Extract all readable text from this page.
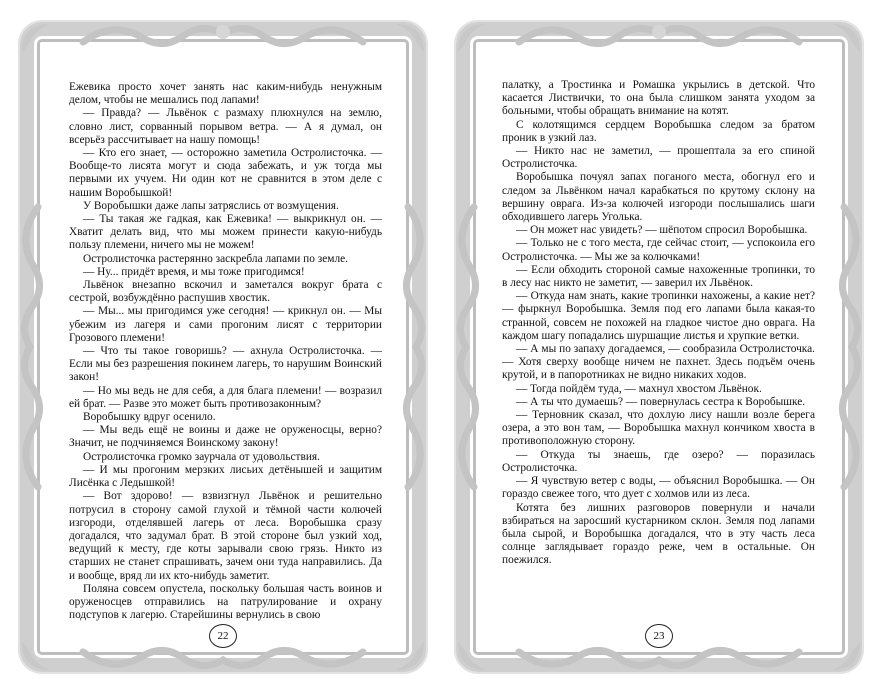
Ежевика просто хочет занять нас каким-нибудь ненужным делом, чтобы не мешались под лапами!

— Правда? — Львёнок с размаху плюхнулся на землю, словно лист, сорванный порывом ветра. — А я думал, он всерьёз рассчитывает на нашу помощь!

— Кто его знает, — осторожно заметила Остролисточка. — Вообще-то лисята могут и сюда забежать, и уж тогда мы первыми их учуем. Ни один кот не сравнится в этом деле с нашим Воробышкой!

У Воробышки даже лапы затряслись от возмущения.

— Ты такая же гадкая, как Ежевика! — выкрикнул он. — Хватит делать вид, что мы можем принести какую-нибудь пользу племени, ничего мы не можем!

Остролисточка растерянно заскребла лапами по земле.

— Ну... придёт время, и мы тоже пригодимся!

Львёнок внезапно вскочил и заметался вокруг брата с сестрой, возбуждённо распушив хвостик.

— Мы... мы пригодимся уже сегодня! — крикнул он. — Мы убежим из лагеря и сами прогоним лисят с территории Грозового племени!

— Что ты такое говоришь? — ахнула Остролисточка. — Если мы без разрешения покинем лагерь, то нарушим Воинский закон!

— Но мы ведь не для себя, а для блага племени! — возразил ей брат. — Разве это может быть противозаконным?

Воробышку вдруг осенило.

— Мы ведь ещё не воины и даже не оруженосцы, верно? Значит, не подчиняемся Воинскому закону!

Остролисточка громко заурчала от удовольствия.

— И мы прогоним мерзких лисьих детёнышей и защитим Лисёнка с Ледышкой!

— Вот здорово! — взвизгнул Львёнок и решительно потрусил в сторону самой глухой и тёмной части колючей изгороди, отделявшей лагерь от леса. Воробышка сразу догадался, что задумал брат. В этой стороне был узкий ход, ведущий к месту, где коты зарывали свою грязь. Никто из старших не станет спрашивать, зачем они туда направились. Да и вообще, вряд ли их кто-нибудь заметит.

Поляна совсем опустела, поскольку большая часть воинов и оруженосцев отправились на патрулирование и охрану подступов к лагерю. Старейшины вернулись в свою

22

палатку, а Тростинка и Ромашка укрылись в детской. Что касается Листвички, то она была слишком занята уходом за больными, чтобы обращать внимание на котят.

С колотящимся сердцем Воробышка следом за братом проник в узкий лаз.

— Никто нас не заметил, — прошептала за его спиной Остролисточка.

Воробышка почуял запах поганого места, обогнул его и следом за Львёнком начал карабкаться по крутому склону на вершину оврага. Из-за колючей изгороди послышались шаги обходившего лагерь Уголька.

— Он может нас увидеть? — шёпотом спросил Воробышка.

— Только не с того места, где сейчас стоит, — успокоила его Остролисточка. — Мы же за колючками!

— Если обходить стороной самые нахоженные тропинки, то в лесу нас никто не заметит, — заверил их Львёнок.

— Откуда нам знать, какие тропинки нахожены, а какие нет? — фыркнул Воробышка. Земля под его лапами была какая-то странной, совсем не похожей на гладкое чистое дно оврага. На каждом шагу попадались шуршащие листья и хрупкие ветки.

— А мы по запаху догадаемся, — сообразила Остролисточка. — Хотя сверху вообще ничем не пахнет. Здесь подъём очень крутой, и в папоротниках не видно никаких ходов.

— Тогда пойдём туда, — махнул хвостом Львёнок.

— А ты что думаешь? — повернулась сестра к Воробышке.

— Терновник сказал, что дохлую лису нашли возле берега озера, а это вон там, — Воробышка махнул кончиком хвоста в противоположную сторону.

— Откуда ты знаешь, где озеро? — поразилась Остролисточка.

— Я чувствую ветер с воды, — объяснил Воробышка. — Он гораздо свежее того, что дует с холмов или из леса.

Котята без лишних разговоров повернули и начали взбираться на заросший кустарником склон. Земля под лапами была сырой, и Воробышка догадался, что в эту часть леса солнце заглядывает гораздо реже, чем в остальные. Он поежился.

23
